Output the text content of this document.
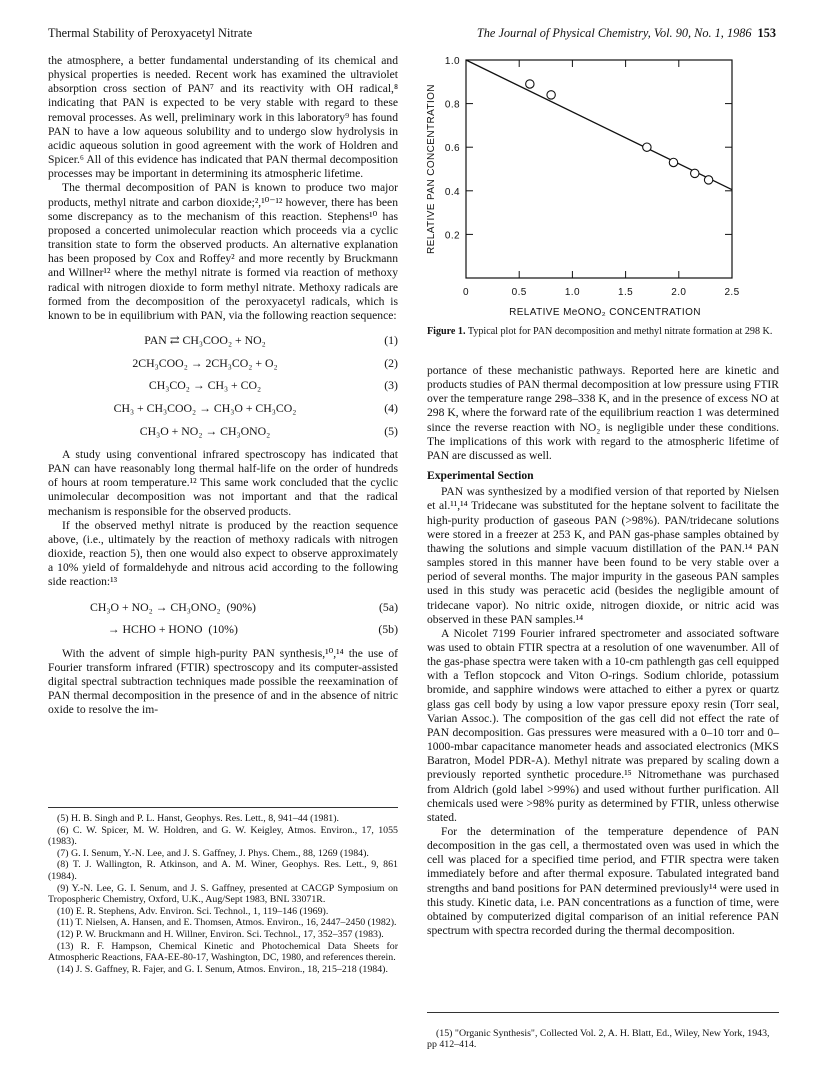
Thermal Stability of Peroxyacetyl Nitrate	The Journal of Physical Chemistry, Vol. 90, No. 1, 1986 153

the atmosphere, a better fundamental understanding of its chemical and physical properties is needed. Recent work has examined the ultraviolet absorption cross section of PAN⁷ and its reactivity with OH radical,⁸ indicating that PAN is expected to be very stable with regard to these removal processes. As well, preliminary work in this laboratory⁹ has found PAN to have a low aqueous solubility and to undergo slow hydrolysis in acidic aqueous solution in good agreement with the work of Holdren and Spicer.⁶ All of this evidence has indicated that PAN thermal decomposition processes may be important in determining its atmospheric lifetime.

The thermal decomposition of PAN is known to produce two major products, methyl nitrate and carbon dioxide;²,¹⁰⁻¹² however, there has been some discrepancy as to the mechanism of this reaction. Stephens¹⁰ has proposed a concerted unimolecular reaction which proceeds via a cyclic transition state to form the observed products. An alternative explanation has been proposed by Cox and Roffey² and more recently by Bruckmann and Willner¹² where the methyl nitrate is formed via reaction of methoxy radical with nitrogen dioxide to form methyl nitrate. Methoxy radicals are formed from the decomposition of the peroxyacetyl radicals, which is known to be in equilibrium with PAN, via the following reaction sequence:

PAN ⇄ CH₃COO₂ + NO₂	(1)
2CH₃COO₂ → 2CH₃CO₂ + O₂	(2)
CH₃CO₂ → CH₃ + CO₂	(3)
CH₃ + CH₃COO₂ → CH₃O + CH₃CO₂	(4)
CH₃O + NO₂ → CH₃ONO₂	(5)

A study using conventional infrared spectroscopy has indicated that PAN can have reasonably long thermal half-life on the order of hundreds of hours at room temperature.¹² This same work concluded that the cyclic unimolecular decomposition was not important and that the radical mechanism is responsible for the observed products.

If the observed methyl nitrate is produced by the reaction sequence above, (i.e., ultimately by the reaction of methoxy radicals with nitrogen dioxide, reaction 5), then one would also expect to observe approximately a 10% yield of formaldehyde and nitrous acid according to the following side reaction:¹³

CH₃O + NO₂ → CH₃ONO₂  (90%)	(5a)
→ HCHO + HONO  (10%)	(5b)

With the advent of simple high-purity PAN synthesis,¹⁰,¹⁴ the use of Fourier transform infrared (FTIR) spectroscopy and its computer-assisted digital spectral subtraction techniques made possible the reexamination of PAN thermal decomposition in the presence of and in the absence of nitric oxide to resolve the im-

(5) H. B. Singh and P. L. Hanst, Geophys. Res. Lett., 8, 941–44 (1981).

(6) C. W. Spicer, M. W. Holdren, and G. W. Keigley, Atmos. Environ., 17, 1055 (1983).

(7) G. I. Senum, Y.-N. Lee, and J. S. Gaffney, J. Phys. Chem., 88, 1269 (1984).

(8) T. J. Wallington, R. Atkinson, and A. M. Winer, Geophys. Res. Lett., 9, 861 (1984).

(9) Y.-N. Lee, G. I. Senum, and J. S. Gaffney, presented at CACGP Symposium on Tropospheric Chemistry, Oxford, U.K., Aug/Sept 1983, BNL 33071R.

(10) E. R. Stephens, Adv. Environ. Sci. Technol., 1, 119–146 (1969).

(11) T. Nielsen, A. Hansen, and E. Thomsen, Atmos. Environ., 16, 2447–2450 (1982).

(12) P. W. Bruckmann and H. Willner, Environ. Sci. Technol., 17, 352–357 (1983).

(13) R. F. Hampson, Chemical Kinetic and Photochemical Data Sheets for Atmospheric Reactions, FAA-EE-80-17, Washington, DC, 1980, and references therein.

(14) J. S. Gaffney, R. Fajer, and G. I. Senum, Atmos. Environ., 18, 215–218 (1984).

0	0.5	1.0	1.5	2.0	2.5
1.0
0.8
0.6
0.4
0.2
RELATIVE MeONO₂ CONCENTRATION
RELATIVE PAN CONCENTRATION
Figure 1. Typical plot for PAN decomposition and methyl nitrate formation at 298 K.

portance of these mechanistic pathways. Reported here are kinetic and products studies of PAN thermal decomposition at low pressure using FTIR over the temperature range 298–338 K, and in the presence of excess NO at 298 K, where the forward rate of the equilibrium reaction 1 was determined since the reverse reaction with NO₂ is negligible under these conditions. The implications of this work with regard to the atmospheric lifetime of PAN are discussed as well.

Experimental Section

PAN was synthesized by a modified version of that reported by Nielsen et al.¹¹,¹⁴ Tridecane was substituted for the heptane solvent to facilitate the high-purity production of gaseous PAN (>98%). PAN/tridecane solutions were stored in a freezer at 253 K, and PAN gas-phase samples obtained by thawing the solutions and simple vacuum distillation of the PAN.¹⁴ PAN samples stored in this manner have been found to be very stable over a period of several months. The major impurity in the gaseous PAN samples used in this study was peracetic acid (besides the negligible amount of tridecane vapor). No nitric oxide, nitrogen dioxide, or nitric acid was observed in these PAN samples.¹⁴

A Nicolet 7199 Fourier infrared spectrometer and associated software was used to obtain FTIR spectra at a resolution of one wavenumber. All of the gas-phase spectra were taken with a 10-cm pathlength gas cell equipped with a Teflon stopcock and Viton O-rings. Sodium chloride, potassium bromide, and sapphire windows were attached to either a pyrex or quartz glass gas cell body by using a low vapor pressure epoxy resin (Torr seal, Varian Assoc.). The composition of the gas cell did not effect the rate of PAN decomposition. Gas pressures were measured with a 0–10 torr and 0–1000-mbar capacitance manometer heads and associated electronics (MKS Baratron, Model PDR-A). Methyl nitrate was prepared by scaling down a previously reported synthetic procedure.¹⁵ Nitromethane was purchased from Aldrich (gold label >99%) and used without further purification. All chemicals used were >98% purity as determined by FTIR, unless otherwise stated.

For the determination of the temperature dependence of PAN decomposition in the gas cell, a thermostated oven was used in which the cell was placed for a specified time period, and FTIR spectra were taken immediately before and after thermal exposure. Tabulated integrated band strengths and band positions for PAN determined previously¹⁴ were used in this study. Kinetic data, i.e. PAN concentrations as a function of time, were obtained by computerized digital comparison of an initial reference PAN spectrum with spectra recorded during the thermal decomposition.

(15) "Organic Synthesis", Collected Vol. 2, A. H. Blatt, Ed., Wiley, New York, 1943, pp 412–414.
